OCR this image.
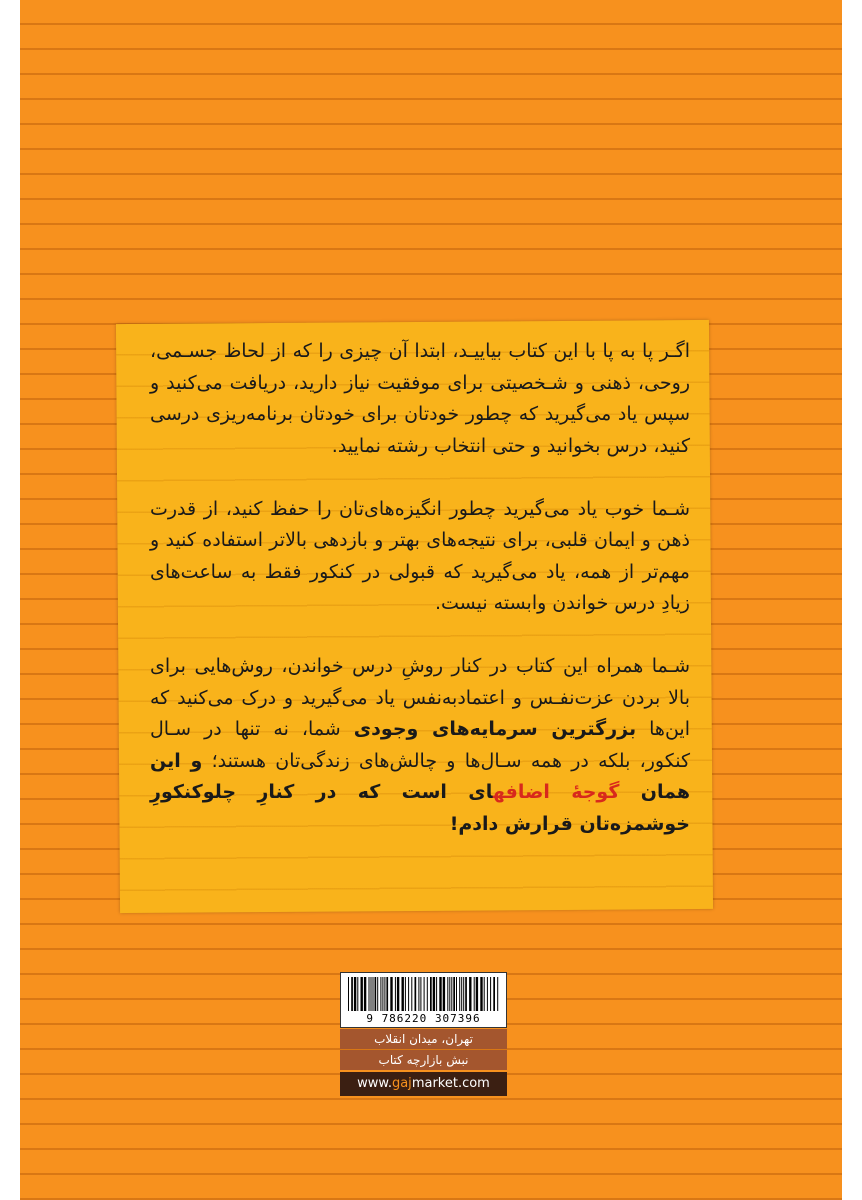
اگـر پا به پا با این کتاب بیاییـد، ابتدا آن چیزی را که از لحاظ جسـمی، روحی، ذهنی و شـخصیتی برای موفقیت نیاز دارید، دریافت می‌کنید و سپس یاد می‌گیرید که چطور خودتان برای خودتان برنامه‌ریزی درسی کنید، درس بخوانید و حتی انتخاب رشته نمایید.

شـما خوب یاد می‌گیرید چطور انگیزه‌های‌تان را حفظ کنید، از قدرت ذهن و ایمان قلبی، برای نتیجه‌های بهتر و بازدهی بالاتر استفاده کنید و مهم‌تر از همه، یاد می‌گیرید که قبولی در کنکور فقط به ساعت‌های زیادِ درس خواندن وابسته نیست.

شـما همراه این کتاب در کنار روشِ درس خواندن، روش‌هایی برای بالا بردن عزت‌نفـس و اعتمادبه‌نفس یاد می‌گیرید و درک می‌کنید که این‌ها بزرگترین سرمایه‌های وجودی شما، نه تنها در سـال کنکور، بلکه در همه سـال‌ها و چالش‌های زندگی‌تان هستند؛ و این همان گوجهٔ اضافهای است که در کنارِ چلوکنکورِ خوشمزه‌تان قرارش دادم!

9 786220 307396
تهران، میدان انقلاب
نبش بازارچه کتاب
www.gajmarket.com
